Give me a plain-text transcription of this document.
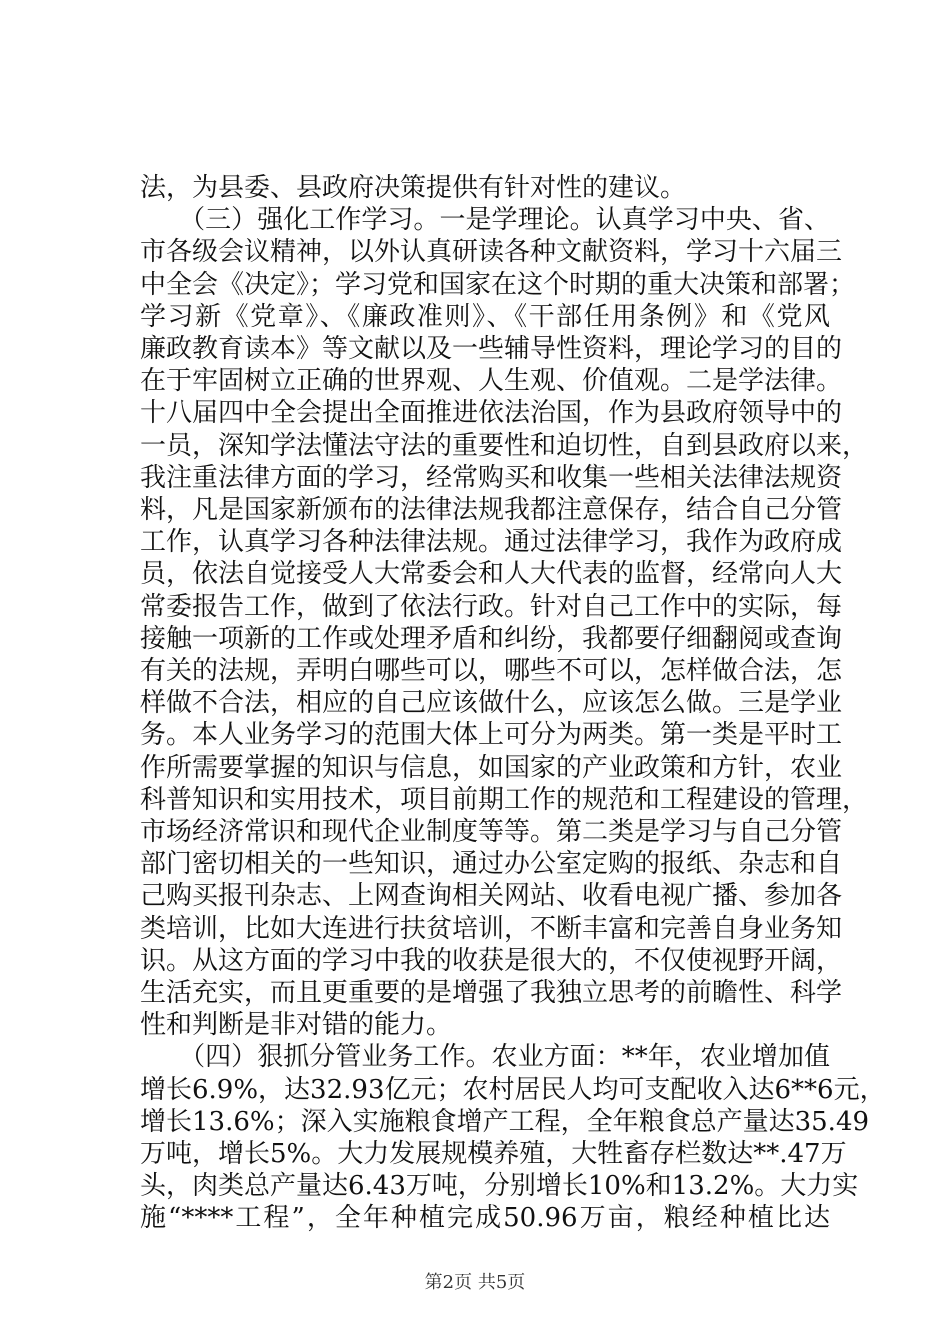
法，为县委、县政府决策提供有针对性的建议。
　　（三）强化工作学习。一是学理论。认真学习中央、省、
市各级会议精神，以外认真研读各种文献资料，学习十六届三
中全会《决定》；学习党和国家在这个时期的重大决策和部署；
学习新《党章》、《廉政准则》、《干部任用条例》和《党风
廉政教育读本》等文献以及一些辅导性资料，理论学习的目的
在于牢固树立正确的世界观、人生观、价值观。二是学法律。
十八届四中全会提出全面推进依法治国，作为县政府领导中的
一员，深知学法懂法守法的重要性和迫切性，自到县政府以来，
我注重法律方面的学习，经常购买和收集一些相关法律法规资
料，凡是国家新颁布的法律法规我都注意保存，结合自己分管
工作，认真学习各种法律法规。通过法律学习，我作为政府成
员，依法自觉接受人大常委会和人大代表的监督，经常向人大
常委报告工作，做到了依法行政。针对自己工作中的实际，每
接触一项新的工作或处理矛盾和纠纷，我都要仔细翻阅或查询
有关的法规，弄明白哪些可以，哪些不可以，怎样做合法，怎
样做不合法，相应的自己应该做什么，应该怎么做。三是学业
务。本人业务学习的范围大体上可分为两类。第一类是平时工
作所需要掌握的知识与信息，如国家的产业政策和方针，农业
科普知识和实用技术，项目前期工作的规范和工程建设的管理，
市场经济常识和现代企业制度等等。第二类是学习与自己分管
部门密切相关的一些知识，通过办公室定购的报纸、杂志和自
己购买报刊杂志、上网查询相关网站、收看电视广播、参加各
类培训，比如大连进行扶贫培训，不断丰富和完善自身业务知
识。从这方面的学习中我的收获是很大的，不仅使视野开阔，
生活充实，而且更重要的是增强了我独立思考的前瞻性、科学
性和判断是非对错的能力。
　　（四）狠抓分管业务工作。农业方面：**年，农业增加值
增长6.9%，达32.93亿元；农村居民人均可支配收入达6**6元，
增长13.6%；深入实施粮食增产工程，全年粮食总产量达35.49
万吨，增长5%。大力发展规模养殖，大牲畜存栏数达**.47万
头，肉类总产量达6.43万吨，分别增长10%和13.2%。大力实
施“****工程”，全年种植完成50.96万亩，粮经种植比达
第2页 共5页
